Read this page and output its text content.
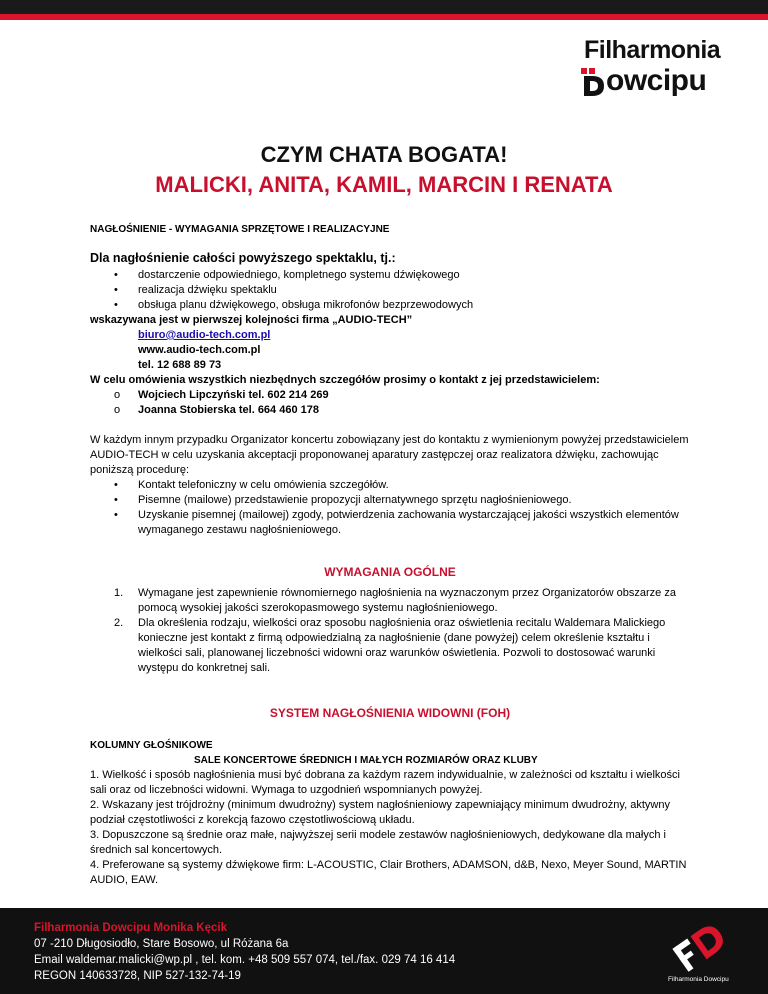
Filharmonia
owcipu
CZYM CHATA BOGATA!
MALICKI, ANITA, KAMIL, MARCIN I RENATA
NAGŁOŚNIENIE - WYMAGANIA SPRZĘTOWE I REALIZACYJNE
Dla nagłośnienie całości powyższego spektaklu, tj.:
• dostarczenie odpowiedniego, kompletnego systemu dźwiękowego
• realizacja dźwięku spektaklu
• obsługa planu dźwiękowego, obsługa mikrofonów bezprzewodowych
wskazywana jest w pierwszej kolejności firma „AUDIO-TECH”
biuro@audio-tech.com.pl
www.audio-tech.com.pl
tel. 12 688 89 73
W celu omówienia wszystkich niezbędnych szczegółów prosimy o kontakt z jej przedstawicielem:
o Wojciech Lipczyński tel. 602 214 269
o Joanna Stobierska tel. 664 460 178
W każdym innym przypadku Organizator koncertu zobowiązany jest do kontaktu z wymienionym powyżej przedstawicielem AUDIO-TECH w celu uzyskania akceptacji proponowanej aparatury zastępczej oraz realizatora dźwięku, zachowując poniższą procedurę:
• Kontakt telefoniczny w celu omówienia szczegółów.
• Pisemne (mailowe) przedstawienie propozycji alternatywnego sprzętu nagłośnieniowego.
• Uzyskanie pisemnej (mailowej) zgody, potwierdzenia zachowania wystarczającej jakości wszystkich elementów wymaganego zestawu nagłośnieniowego.
WYMAGANIA OGÓLNE
1. Wymagane jest zapewnienie równomiernego nagłośnienia na wyznaczonym przez Organizatorów obszarze za pomocą wysokiej jakości szerokopasmowego systemu nagłośnieniowego.
2. Dla określenia rodzaju, wielkości oraz sposobu nagłośnienia oraz oświetlenia recitalu Waldemara Malickiego konieczne jest kontakt z firmą odpowiedzialną za nagłośnienie (dane powyżej) celem określenie kształtu i wielkości sali, planowanej liczebności widowni oraz warunków oświetlenia. Pozwoli to dostosować warunki występu do konkretnej sali.
SYSTEM NAGŁOŚNIENIA WIDOWNI (FOH)
KOLUMNY GŁOŚNIKOWE
SALE KONCERTOWE ŚREDNICH I MAŁYCH ROZMIARÓW ORAZ KLUBY
1. Wielkość i sposób nagłośnienia musi być dobrana za każdym razem indywidualnie, w zależności od kształtu i wielkości sali oraz od liczebności widowni. Wymaga to uzgodnień wspomnianych powyżej.
2. Wskazany jest trójdrożny (minimum dwudrożny) system nagłośnieniowy zapewniający minimum dwudrożny, aktywny podział częstotliwości z korekcją fazowo częstotliwościową układu.
3. Dopuszczone są średnie oraz małe, najwyższej serii modele zestawów nagłośnieniowych, dedykowane dla małych i średnich sal koncertowych.
4. Preferowane są systemy dźwiękowe firm: L-ACOUSTIC, Clair Brothers, ADAMSON, d&B, Nexo, Meyer Sound, MARTIN AUDIO, EAW.
Filharmonia Dowcipu Monika Kęcik
07 -210 Długosiodło, Stare Bosowo, ul Różana 6a
Email waldemar.malicki@wp.pl , tel. kom. +48 509 557 074, tel./fax. 029 74 16 414
REGON 140633728, NIP 527-132-74-19	Filharmonia Dowcipu
